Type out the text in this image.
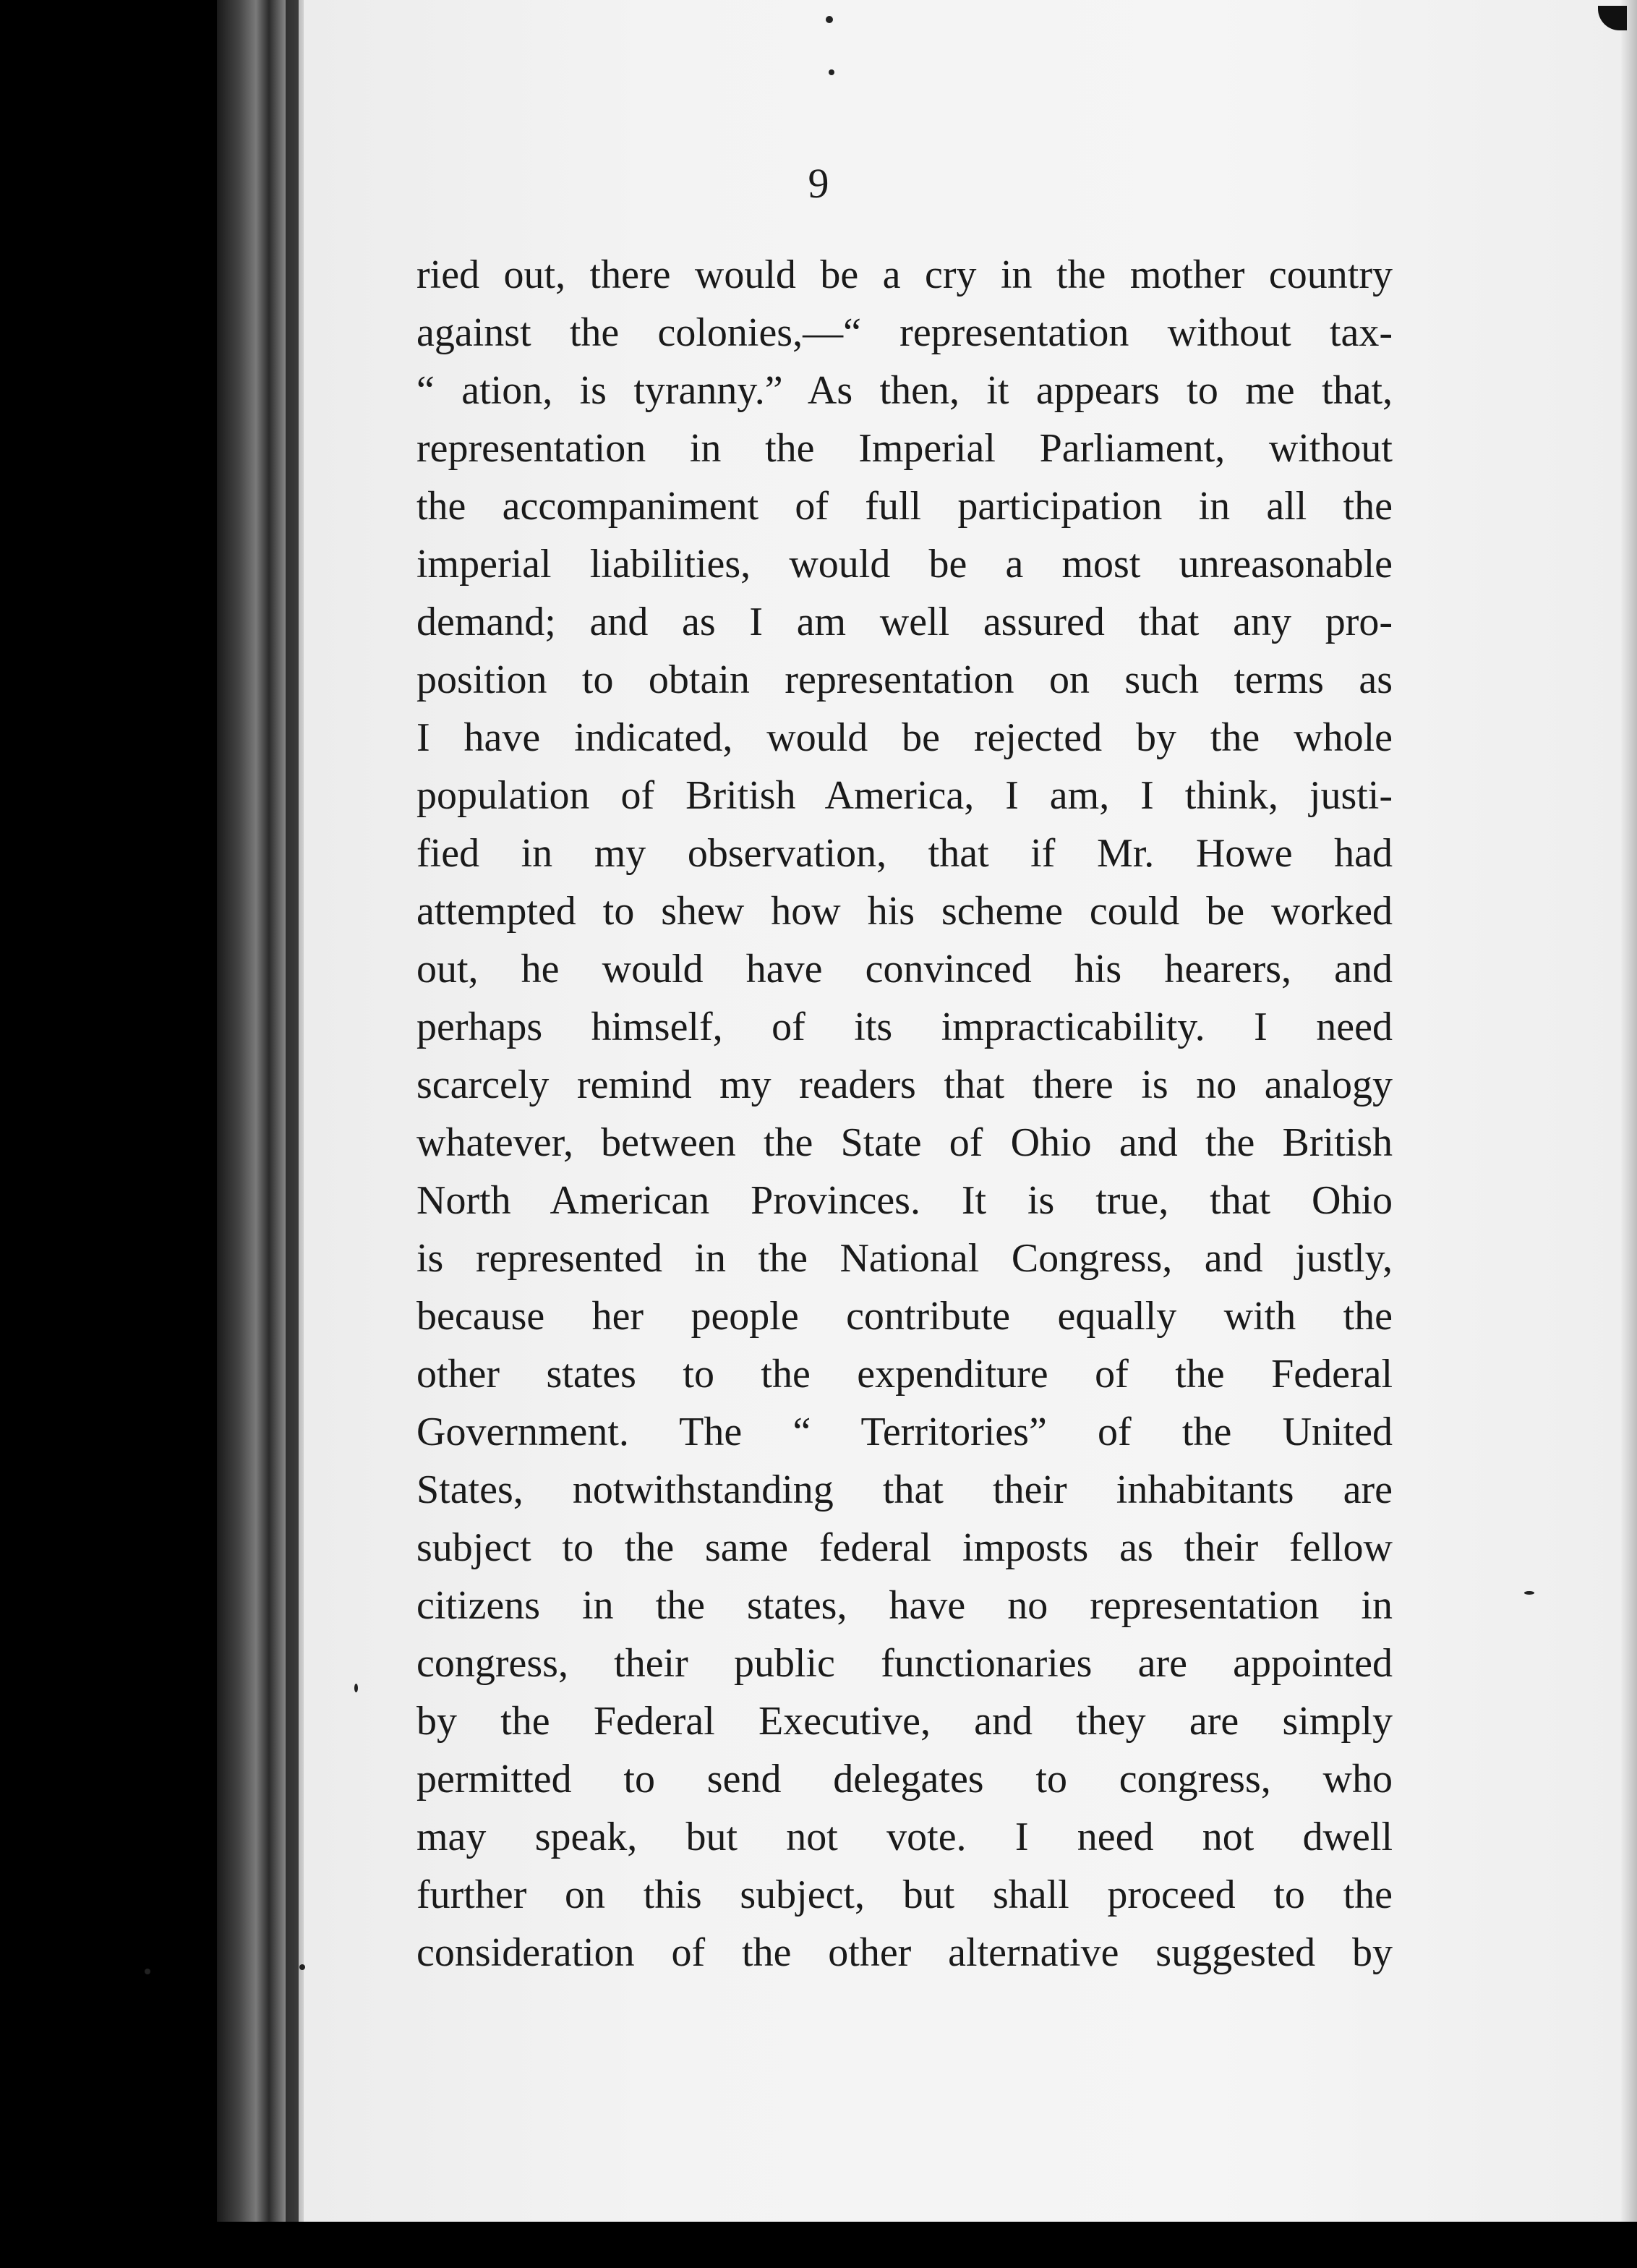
9

ried out, there would be a cry in the mother country
against the colonies,—“ representation without tax-
“ ation, is tyranny.” As then, it appears to me that,
representation in the Imperial Parliament, without
the accompaniment of full participation in all the
imperial liabilities, would be a most unreasonable
demand; and as I am well assured that any pro-
position to obtain representation on such terms as
I have indicated, would be rejected by the whole
population of British America, I am, I think, justi-
fied in my observation, that if Mr. Howe had
attempted to shew how his scheme could be worked
out, he would have convinced his hearers, and
perhaps himself, of its impracticability. I need
scarcely remind my readers that there is no analogy
whatever, between the State of Ohio and the British
North American Provinces. It is true, that Ohio
is represented in the National Congress, and justly,
because her people contribute equally with the
other states to the expenditure of the Federal
Government. The “ Territories” of the United
States, notwithstanding that their inhabitants are
subject to the same federal imposts as their fellow
citizens in the states, have no representation in
congress, their public functionaries are appointed
by the Federal Executive, and they are simply
permitted to send delegates to congress, who
may speak, but not vote. I need not dwell
further on this subject, but shall proceed to the
consideration of the other alternative suggested by
